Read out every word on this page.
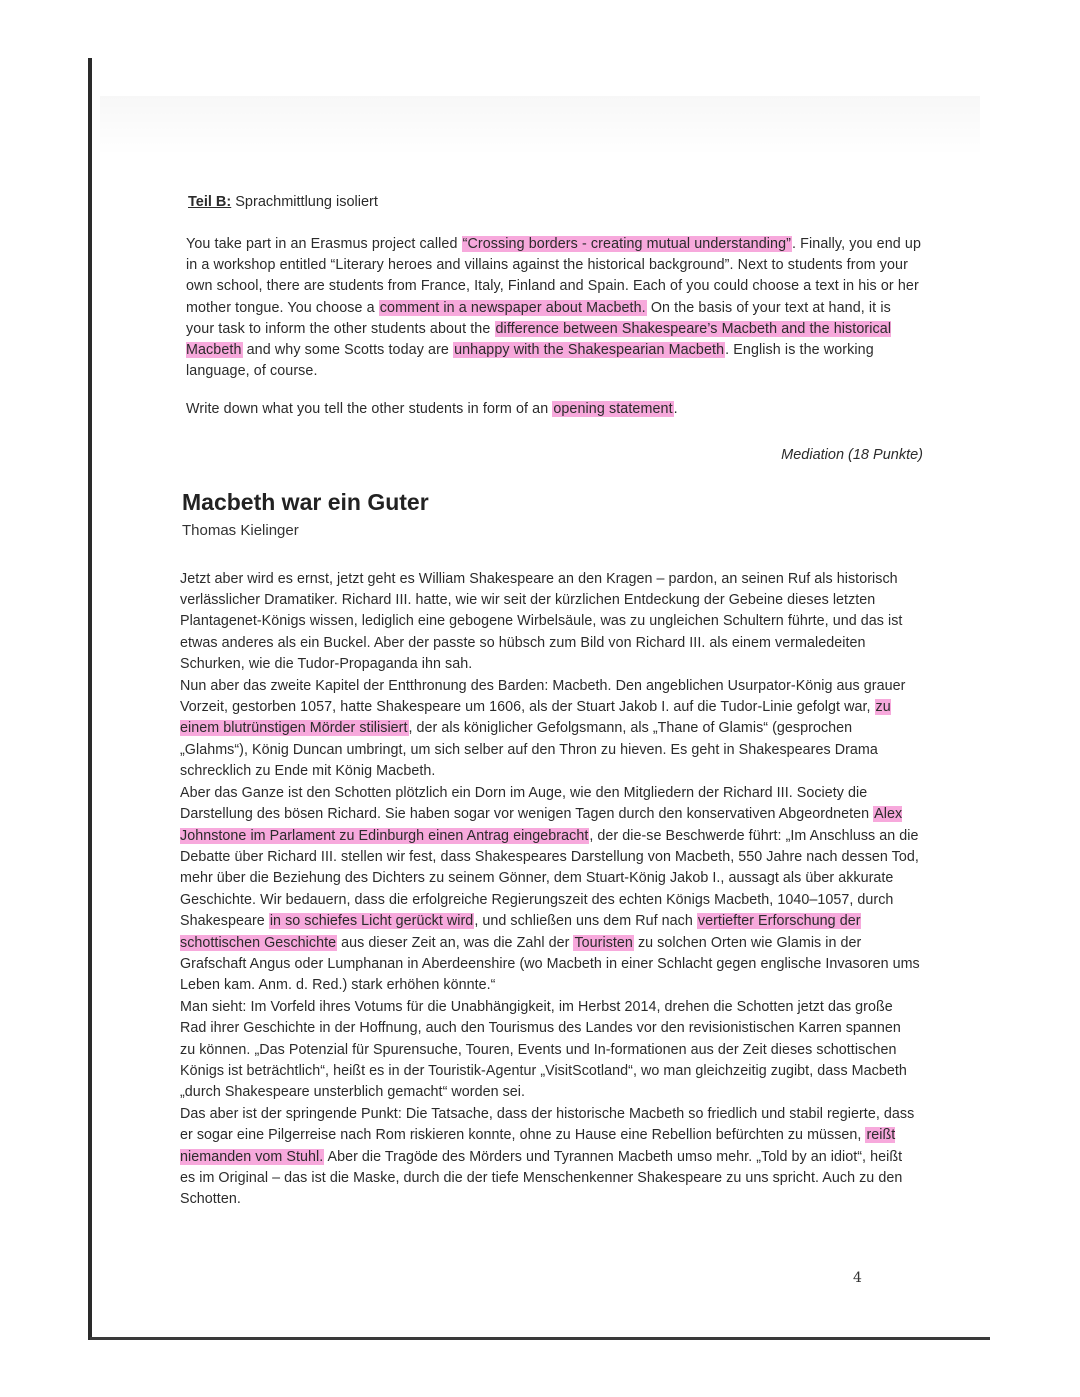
Teil B: Sprachmittlung isoliert

You take part in an Erasmus project called “Crossing borders - creating mutual understanding”. Finally, you end up in a workshop entitled “Literary heroes and villains against the historical background”. Next to students from your own school, there are students from France, Italy, Finland and Spain. Each of you could choose a text in his or her mother tongue. You choose a comment in a newspaper about Macbeth. On the basis of your text at hand, it is your task to inform the other students about the difference between Shakespeare’s Macbeth and the historical Macbeth and why some Scotts today are unhappy with the Shakespearian Macbeth. English is the working language, of course.

Write down what you tell the other students in form of an opening statement.

Mediation (18 Punkte)

Macbeth war ein Guter
Thomas Kielinger
Jetzt aber wird es ernst, jetzt geht es William Shakespeare an den Kragen – pardon, an seinen Ruf als historisch verlässlicher Dramatiker. Richard III. hatte, wie wir seit der kürzlichen Entdeckung der Gebeine dieses letzten Plantagenet-Königs wissen, lediglich eine gebogene Wirbelsäule, was zu ungleichen Schultern führte, und das ist etwas anderes als ein Buckel. Aber der passte so hübsch zum Bild von Richard III. als einem vermaledeiten Schurken, wie die Tudor-Propaganda ihn sah.
Nun aber das zweite Kapitel der Entthronung des Barden: Macbeth. Den angeblichen Usurpator-König aus grauer Vorzeit, gestorben 1057, hatte Shakespeare um 1606, als der Stuart Jakob I. auf die Tudor-Linie gefolgt war, zu einem blutrünstigen Mörder stilisiert, der als königlicher Gefolgsmann, als „Thane of Glamis“ (gesprochen „Glahms“), König Duncan umbringt, um sich selber auf den Thron zu hieven. Es geht in Shakespeares Drama schrecklich zu Ende mit König Macbeth.
Aber das Ganze ist den Schotten plötzlich ein Dorn im Auge, wie den Mitgliedern der Richard III. Society die Darstellung des bösen Richard. Sie haben sogar vor wenigen Tagen durch den konservativen Abgeordneten Alex Johnstone im Parlament zu Edinburgh einen Antrag eingebracht, der die-se Beschwerde führt: „Im Anschluss an die Debatte über Richard III. stellen wir fest, dass Shakespeares Darstellung von Macbeth, 550 Jahre nach dessen Tod, mehr über die Beziehung des Dichters zu seinem Gönner, dem Stuart-König Jakob I., aussagt als über akkurate Geschichte. Wir bedauern, dass die erfolgreiche Regierungszeit des echten Königs Macbeth, 1040–1057, durch Shakespeare in so schiefes Licht gerückt wird, und schließen uns dem Ruf nach vertiefter Erforschung der schottischen Geschichte aus dieser Zeit an, was die Zahl der Touristen zu solchen Orten wie Glamis in der Grafschaft Angus oder Lumphanan in Aberdeenshire (wo Macbeth in einer Schlacht gegen englische Invasoren ums Leben kam. Anm. d. Red.) stark erhöhen könnte.“
Man sieht: Im Vorfeld ihres Votums für die Unabhängigkeit, im Herbst 2014, drehen die Schotten jetzt das große Rad ihrer Geschichte in der Hoffnung, auch den Tourismus des Landes vor den revisionistischen Karren spannen zu können. „Das Potenzial für Spurensuche, Touren, Events und In-formationen aus der Zeit dieses schottischen Königs ist beträchtlich“, heißt es in der Touristik-Agentur „VisitScotland“, wo man gleichzeitig zugibt, dass Macbeth „durch Shakespeare unsterblich gemacht“ worden sei.
Das aber ist der springende Punkt: Die Tatsache, dass der historische Macbeth so friedlich und stabil regierte, dass er sogar eine Pilgerreise nach Rom riskieren konnte, ohne zu Hause eine Rebellion befürchten zu müssen, reißt niemanden vom Stuhl. Aber die Tragöde des Mörders und Tyrannen Macbeth umso mehr. „Told by an idiot“, heißt es im Original – das ist die Maske, durch die der tiefe Menschenkenner Shakespeare zu uns spricht. Auch zu den Schotten.
4
